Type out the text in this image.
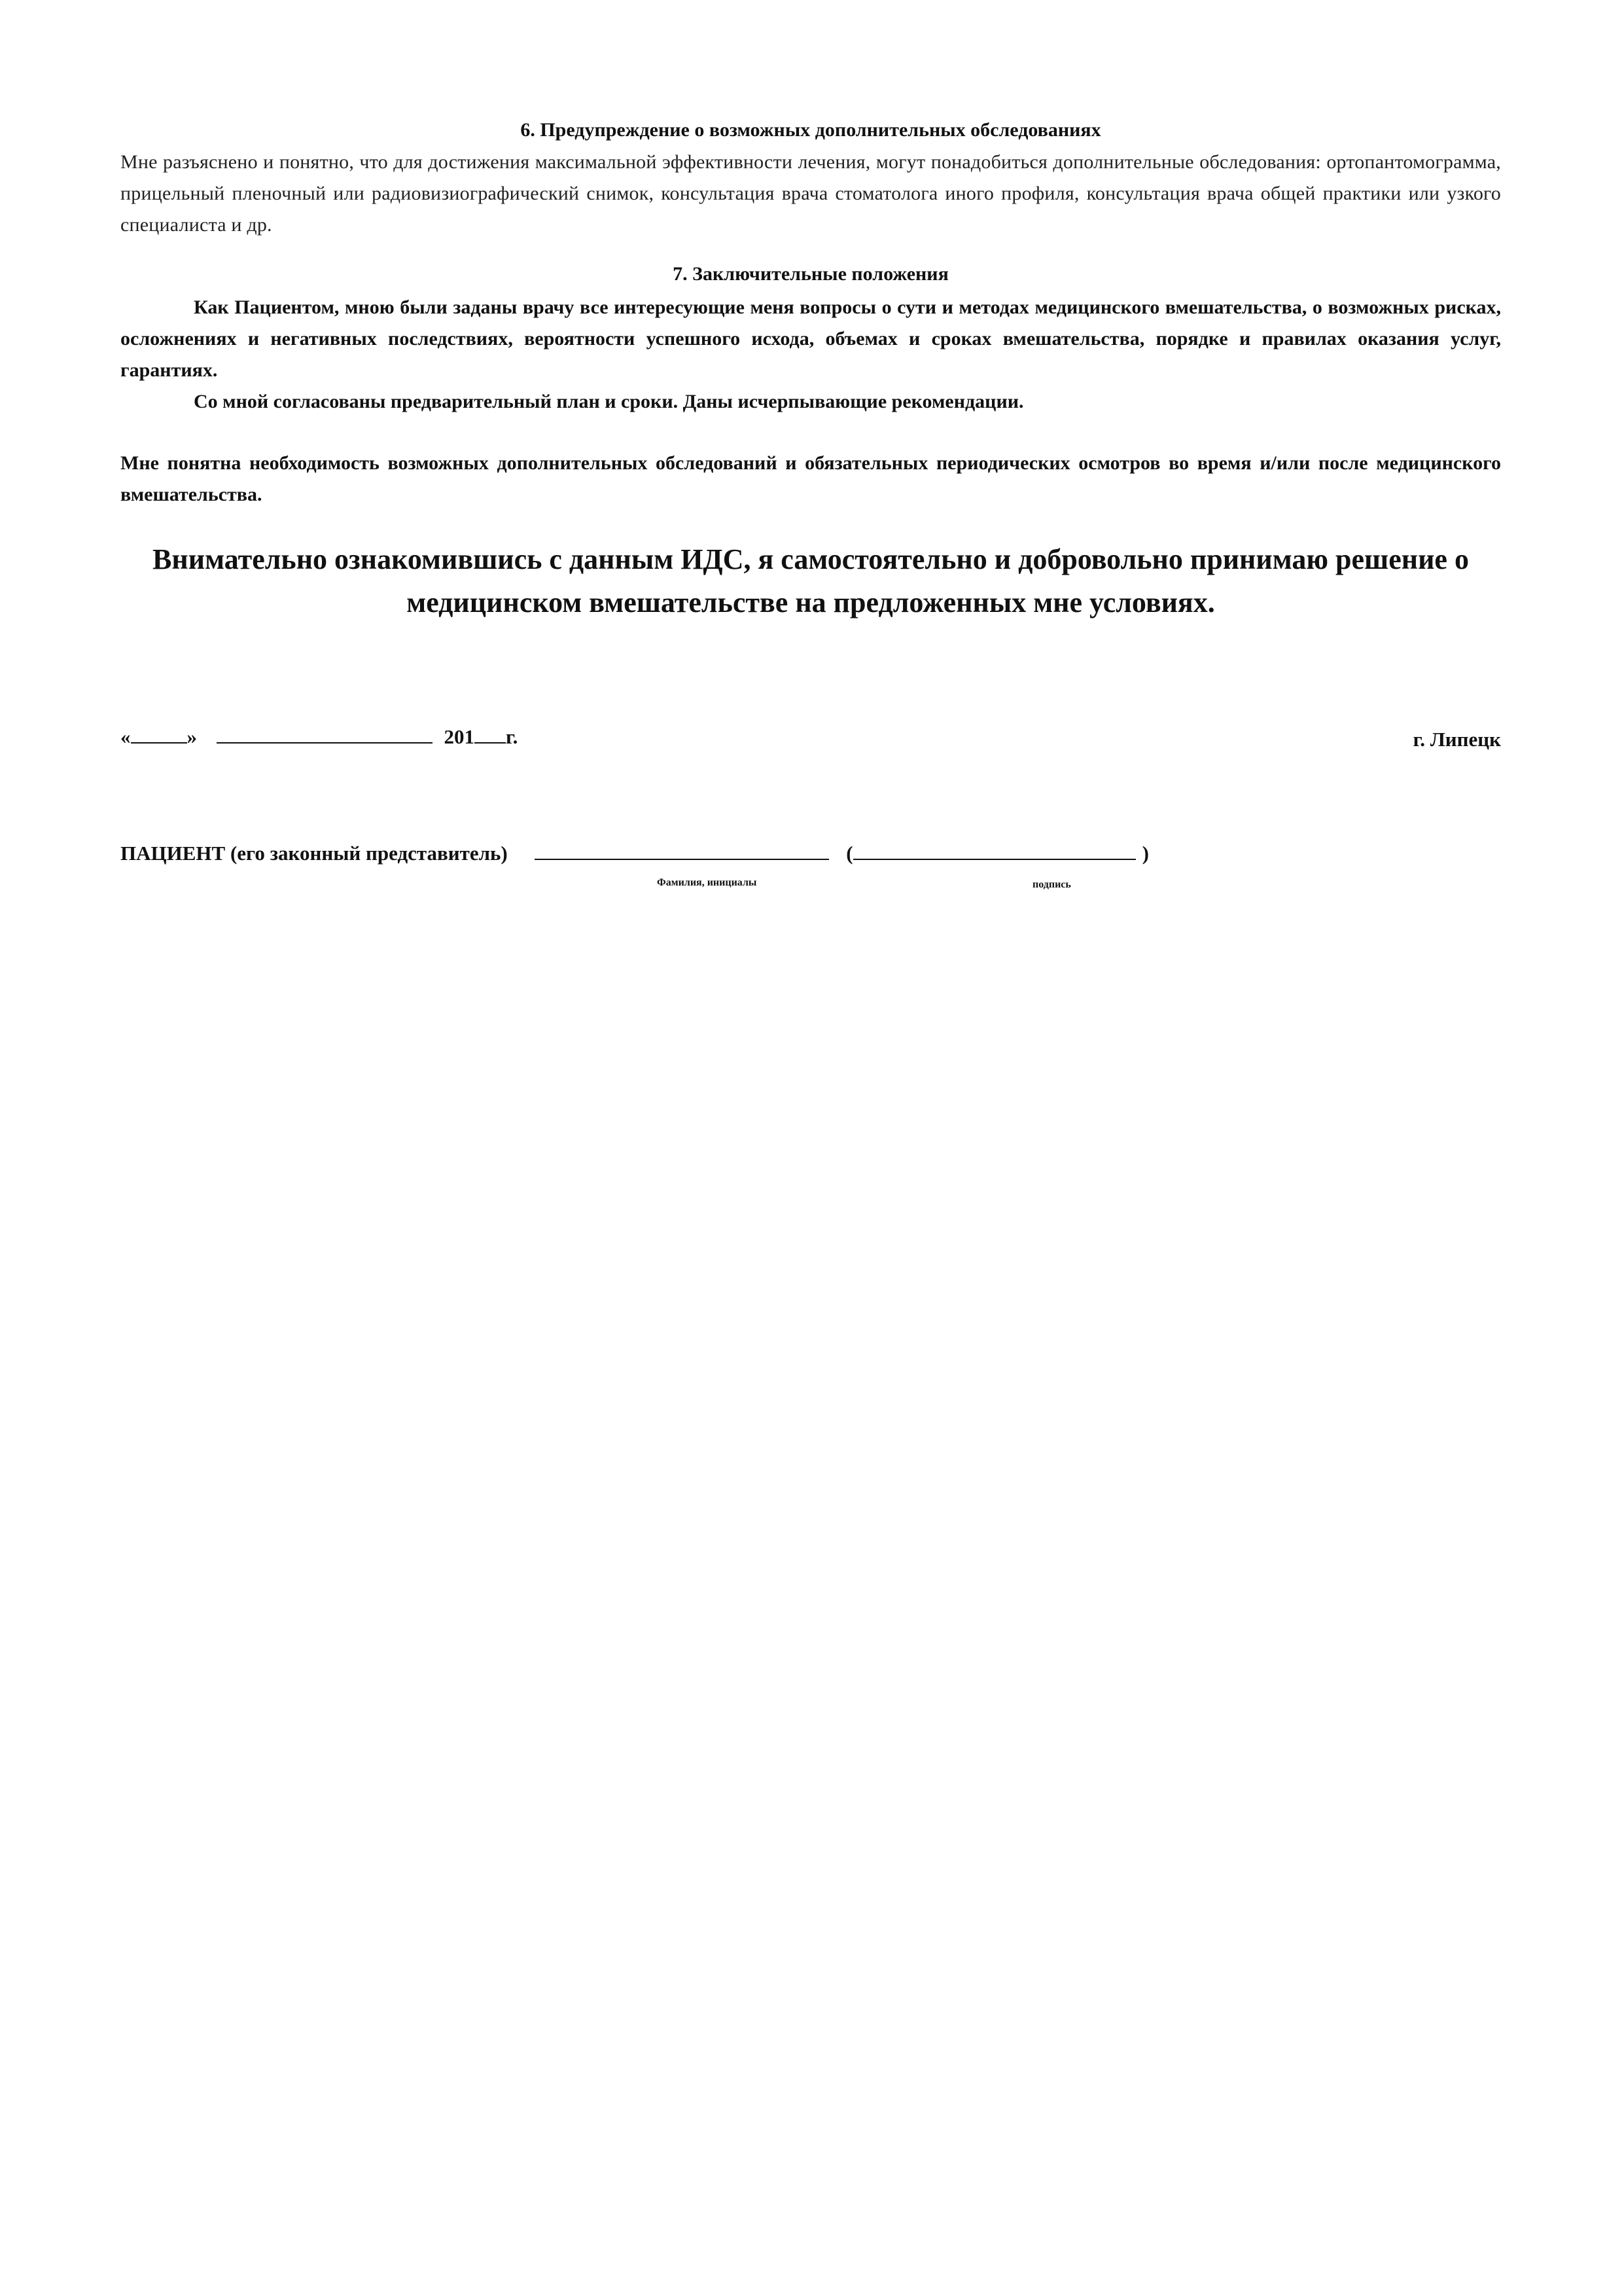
6. Предупреждение о возможных дополнительных обследованиях

Мне разъяснено и понятно, что для достижения максимальной эффективности лечения, могут понадобиться дополнительные обследования: ортопантомограмма, прицельный пленочный или радиовизиографический снимок, консультация врача стоматолога иного профиля, консультация врача общей практики или узкого специалиста и др.

7. Заключительные положения

Как Пациентом, мною были заданы врачу все интересующие меня вопросы о сути и методах медицинского вмешательства, о возможных рисках, осложнениях и негативных последствиях, вероятности успешного исхода, объемах и сроках вмешательства, порядке и правилах оказания услуг, гарантиях.

Со мной согласованы предварительный план и сроки. Даны исчерпывающие рекомендации.

Мне понятна необходимость возможных дополнительных обследований и обязательных периодических осмотров во время и/или после медицинского вмешательства.

Внимательно ознакомившись с данным ИДС, я самостоятельно и добровольно принимаю решение о медицинском вмешательстве на предложенных мне условиях.

«	»	201 г.	г. Липецк
ПАЦИЕНТ (его законный представитель)	(	)
Фамилия, инициалы	подпись
